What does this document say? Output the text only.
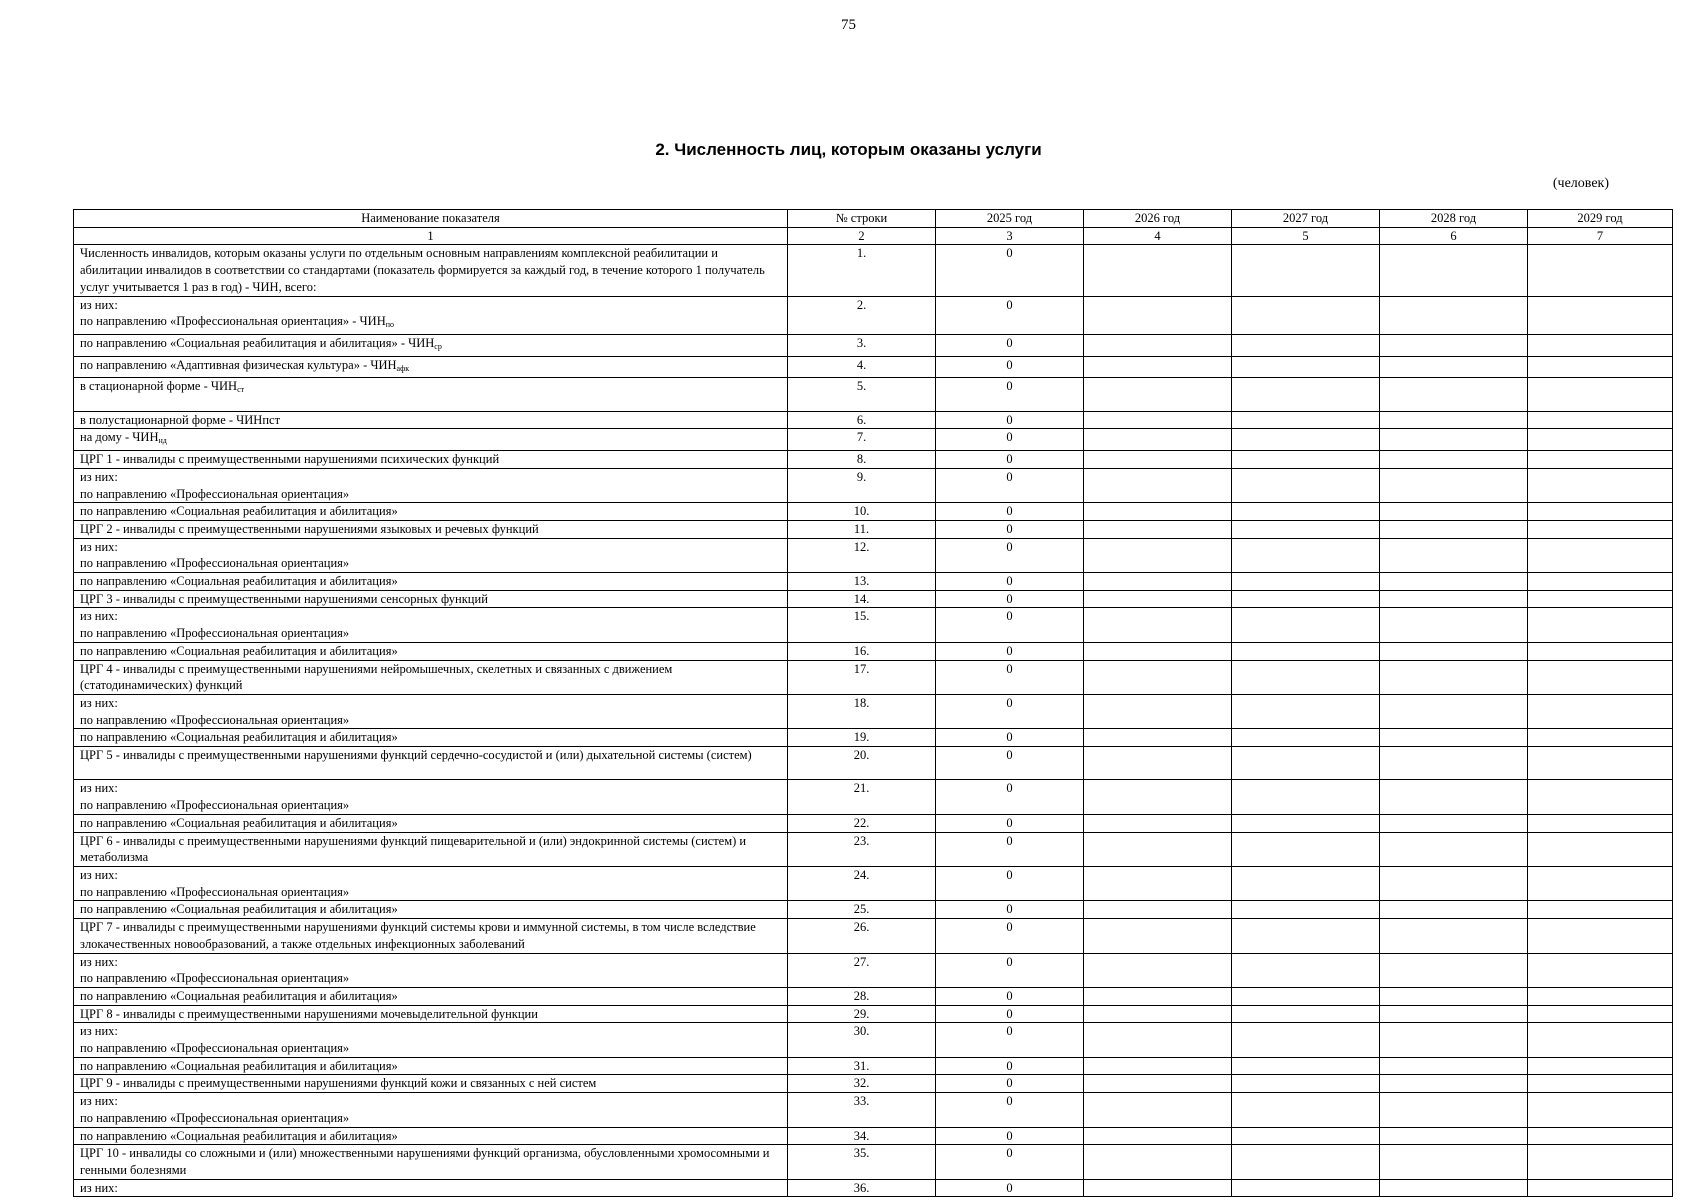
75
2. Численность лиц, которым оказаны услуги
(человек)
Наименование показателя	№ строки	2025 год	2026 год	2027 год	2028 год	2029 год
1	2	3	4	5	6	7
Численность инвалидов, которым оказаны услуги по отдельным основным направлениям комплексной реабилитации и абилитации инвалидов в соответствии со стандартами (показатель формируется за каждый год, в течение которого 1 получатель услуг учитывается 1 раз в год) - ЧИН, всего:	1.	0				
из них:
по направлению «Профессиональная ориентация» - $ЧИН_{по}$	2.	0				
по направлению «Социальная реабилитация и абилитация» - $ЧИН_{ср}$	3.	0				
по направлению «Адаптивная физическая культура» - $ЧИН_{афк}$	4.	0				
в стационарной форме - $ЧИН_{ст}$	5.	0				
в полустационарной форме - ЧИНпст	6.	0				
на дому - $ЧИН_{нд}$	7.	0				
ЦРГ 1 - инвалиды с преимущественными нарушениями психических функций	8.	0				
из них:
по направлению «Профессиональная ориентация»	9.	0				
по направлению «Социальная реабилитация и абилитация»	10.	0				
ЦРГ 2 - инвалиды с преимущественными нарушениями языковых и речевых функций	11.	0				
из них:
по направлению «Профессиональная ориентация»	12.	0				
по направлению «Социальная реабилитация и абилитация»	13.	0				
ЦРГ 3 - инвалиды с преимущественными нарушениями сенсорных функций	14.	0				
из них:
по направлению «Профессиональная ориентация»	15.	0				
по направлению «Социальная реабилитация и абилитация»	16.	0				
ЦРГ 4 - инвалиды с преимущественными нарушениями нейромышечных, скелетных и связанных с движением (статодинамических) функций	17.	0				
из них:
по направлению «Профессиональная ориентация»	18.	0				
по направлению «Социальная реабилитация и абилитация»	19.	0				
ЦРГ 5 - инвалиды с преимущественными нарушениями функций сердечно-сосудистой и (или) дыхательной системы (систем)	20.	0				
из них:
по направлению «Профессиональная ориентация»	21.	0				
по направлению «Социальная реабилитация и абилитация»	22.	0				
ЦРГ 6 - инвалиды с преимущественными нарушениями функций пищеварительной и (или) эндокринной системы (систем) и метаболизма	23.	0				
из них:
по направлению «Профессиональная ориентация»	24.	0				
по направлению «Социальная реабилитация и абилитация»	25.	0				
ЦРГ 7 - инвалиды с преимущественными нарушениями функций системы крови и иммунной системы, в том числе вследствие злокачественных новообразований, а также отдельных инфекционных заболеваний	26.	0				
из них:
по направлению «Профессиональная ориентация»	27.	0				
по направлению «Социальная реабилитация и абилитация»	28.	0				
ЦРГ 8 - инвалиды с преимущественными нарушениями мочевыделительной функции	29.	0				
из них:
по направлению «Профессиональная ориентация»	30.	0				
по направлению «Социальная реабилитация и абилитация»	31.	0				
ЦРГ 9 - инвалиды с преимущественными нарушениями функций кожи и связанных с ней систем	32.	0				
из них:
по направлению «Профессиональная ориентация»	33.	0				
по направлению «Социальная реабилитация и абилитация»	34.	0				
ЦРГ 10 - инвалиды со сложными и (или) множественными нарушениями функций организма, обусловленными хромосомными и генными болезнями	35.	0				
из них:	36.	0				
